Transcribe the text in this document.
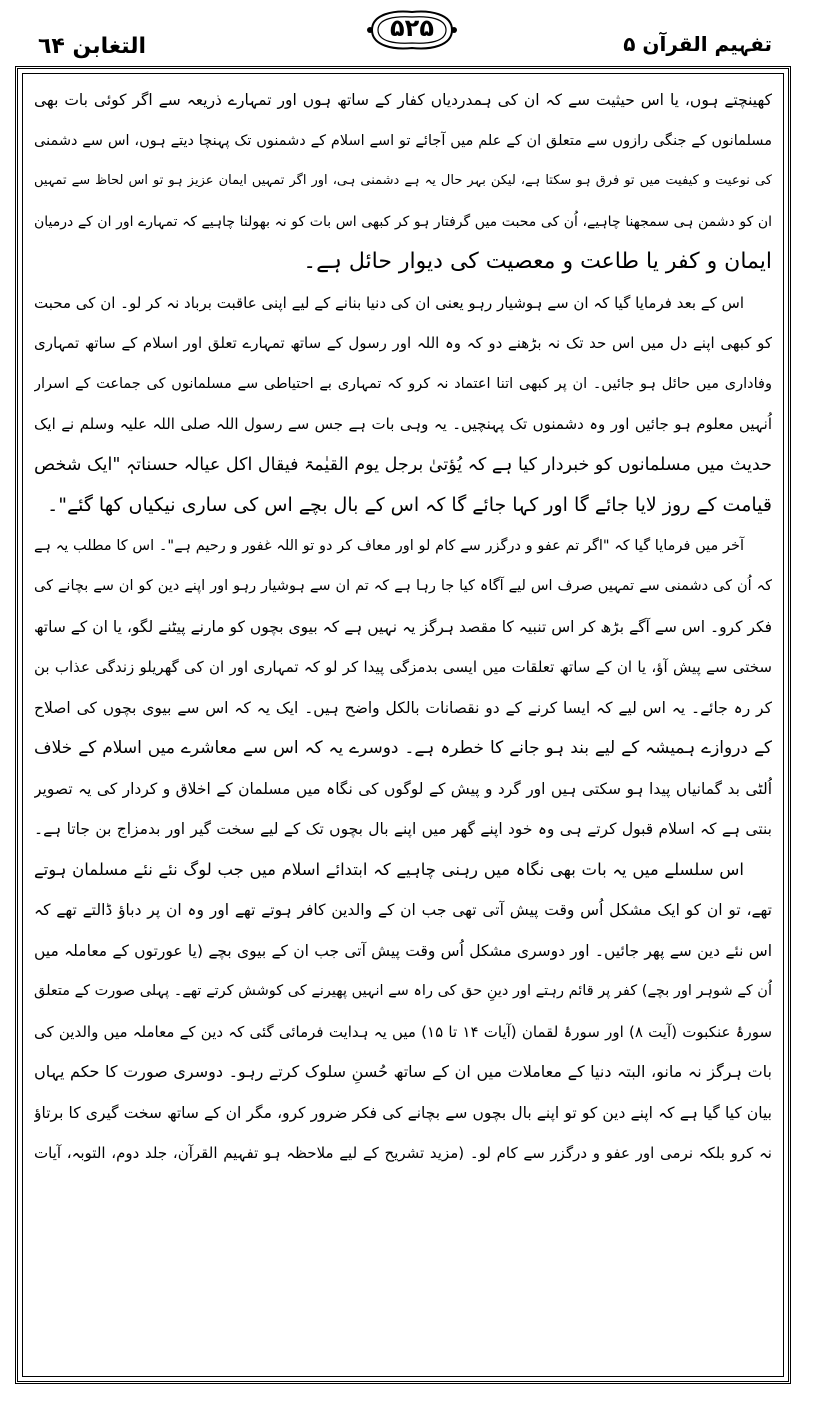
التغابن ٦۴
۵۲۵
تفہیم القرآن ۵
کھینچتے ہوں، یا اس حیثیت سے کہ ان کی ہمدردیاں کفار کے ساتھ ہوں اور تمہارے ذریعہ سے اگر کوئی بات بھی
مسلمانوں کے جنگی رازوں سے متعلق ان کے علم میں آجائے تو اسے اسلام کے دشمنوں تک پہنچا دیتے ہوں، اس سے دشمنی
کی نوعیت و کیفیت میں تو فرق ہو سکتا ہے، لیکن بہر حال یہ ہے دشمنی ہی، اور اگر تمہیں ایمان عزیز ہو تو اس لحاظ سے تمہیں
ان کو دشمن ہی سمجھنا چاہیے، اُن کی محبت میں گرفتار ہو کر کبھی اس بات کو نہ بھولنا چاہیے کہ تمہارے اور ان کے درمیان
ایمان و کفر یا طاعت و معصیت کی دیوار حائل ہے۔
اس کے بعد فرمایا گیا کہ ان سے ہوشیار رہو یعنی ان کی دنیا بنانے کے لیے اپنی عاقبت برباد نہ کر لو۔ ان کی محبت
کو کبھی اپنے دل میں اس حد تک نہ بڑھنے دو کہ وہ اللہ اور رسول کے ساتھ تمہارے تعلق اور اسلام کے ساتھ تمہاری
وفاداری میں حائل ہو جائیں۔ ان پر کبھی اتنا اعتماد نہ کرو کہ تمہاری بے احتیاطی سے مسلمانوں کی جماعت کے اسرار
اُنہیں معلوم ہو جائیں اور وہ دشمنوں تک پہنچیں۔ یہ وہی بات ہے جس سے رسول اللہ صلی اللہ علیہ وسلم نے ایک
حدیث میں مسلمانوں کو خبردار کیا ہے کہ یُؤتیٰ برجل یوم القیٰمۃ فیقال اکل عیالہ حسناتہٖ "ایک شخص
قیامت کے روز لایا جائے گا اور کہا جائے گا کہ اس کے بال بچے اس کی ساری نیکیاں کھا گئے"۔
آخر میں فرمایا گیا کہ "اگر تم عفو و درگزر سے کام لو اور معاف کر دو تو اللہ غفور و رحیم ہے"۔ اس کا مطلب یہ ہے
کہ اُن کی دشمنی سے تمہیں صرف اس لیے آگاہ کیا جا رہا ہے کہ تم ان سے ہوشیار رہو اور اپنے دین کو ان سے بچانے کی
فکر کرو۔ اس سے آگے بڑھ کر اس تنبیہ کا مقصد ہرگز یہ نہیں ہے کہ بیوی بچوں کو مارنے پیٹنے لگو، یا ان کے ساتھ
سختی سے پیش آؤ، یا ان کے ساتھ تعلقات میں ایسی بدمزگی پیدا کر لو کہ تمہاری اور ان کی گھریلو زندگی عذاب بن
کر رہ جائے۔ یہ اس لیے کہ ایسا کرنے کے دو نقصانات بالکل واضح ہیں۔ ایک یہ کہ اس سے بیوی بچوں کی اصلاح
کے دروازے ہمیشہ کے لیے بند ہو جانے کا خطرہ ہے۔ دوسرے یہ کہ اس سے معاشرے میں اسلام کے خلاف
اُلٹی بد گمانیاں پیدا ہو سکتی ہیں اور گرد و پیش کے لوگوں کی نگاہ میں مسلمان کے اخلاق و کردار کی یہ تصویر
بنتی ہے کہ اسلام قبول کرتے ہی وہ خود اپنے گھر میں اپنے بال بچوں تک کے لیے سخت گیر اور بدمزاج بن جاتا ہے۔
اس سلسلے میں یہ بات بھی نگاہ میں رہنی چاہیے کہ ابتدائے اسلام میں جب لوگ نئے نئے مسلمان ہوتے
تھے، تو ان کو ایک مشکل اُس وقت پیش آتی تھی جب ان کے والدین کافر ہوتے تھے اور وہ ان پر دباؤ ڈالتے تھے کہ
اس نئے دین سے پھر جائیں۔ اور دوسری مشکل اُس وقت پیش آتی جب ان کے بیوی بچے (یا عورتوں کے معاملہ میں
اُن کے شوہر اور بچے) کفر پر قائم رہتے اور دینِ حق کی راہ سے انہیں پھیرنے کی کوشش کرتے تھے۔ پہلی صورت کے متعلق
سورۂ عنکبوت (آیت ۸) اور سورۂ لقمان (آیات ۱۴ تا ۱۵) میں یہ ہدایت فرمائی گئی کہ دین کے معاملہ میں والدین کی
بات ہرگز نہ مانو، البتہ دنیا کے معاملات میں ان کے ساتھ حُسنِ سلوک کرتے رہو۔ دوسری صورت کا حکم یہاں
بیان کیا گیا ہے کہ اپنے دین کو تو اپنے بال بچوں سے بچانے کی فکر ضرور کرو، مگر ان کے ساتھ سخت گیری کا برتاؤ
نہ کرو بلکہ نرمی اور عفو و درگزر سے کام لو۔ (مزید تشریح کے لیے ملاحظہ ہو تفہیم القرآن، جلد دوم، التوبہ، آیات
